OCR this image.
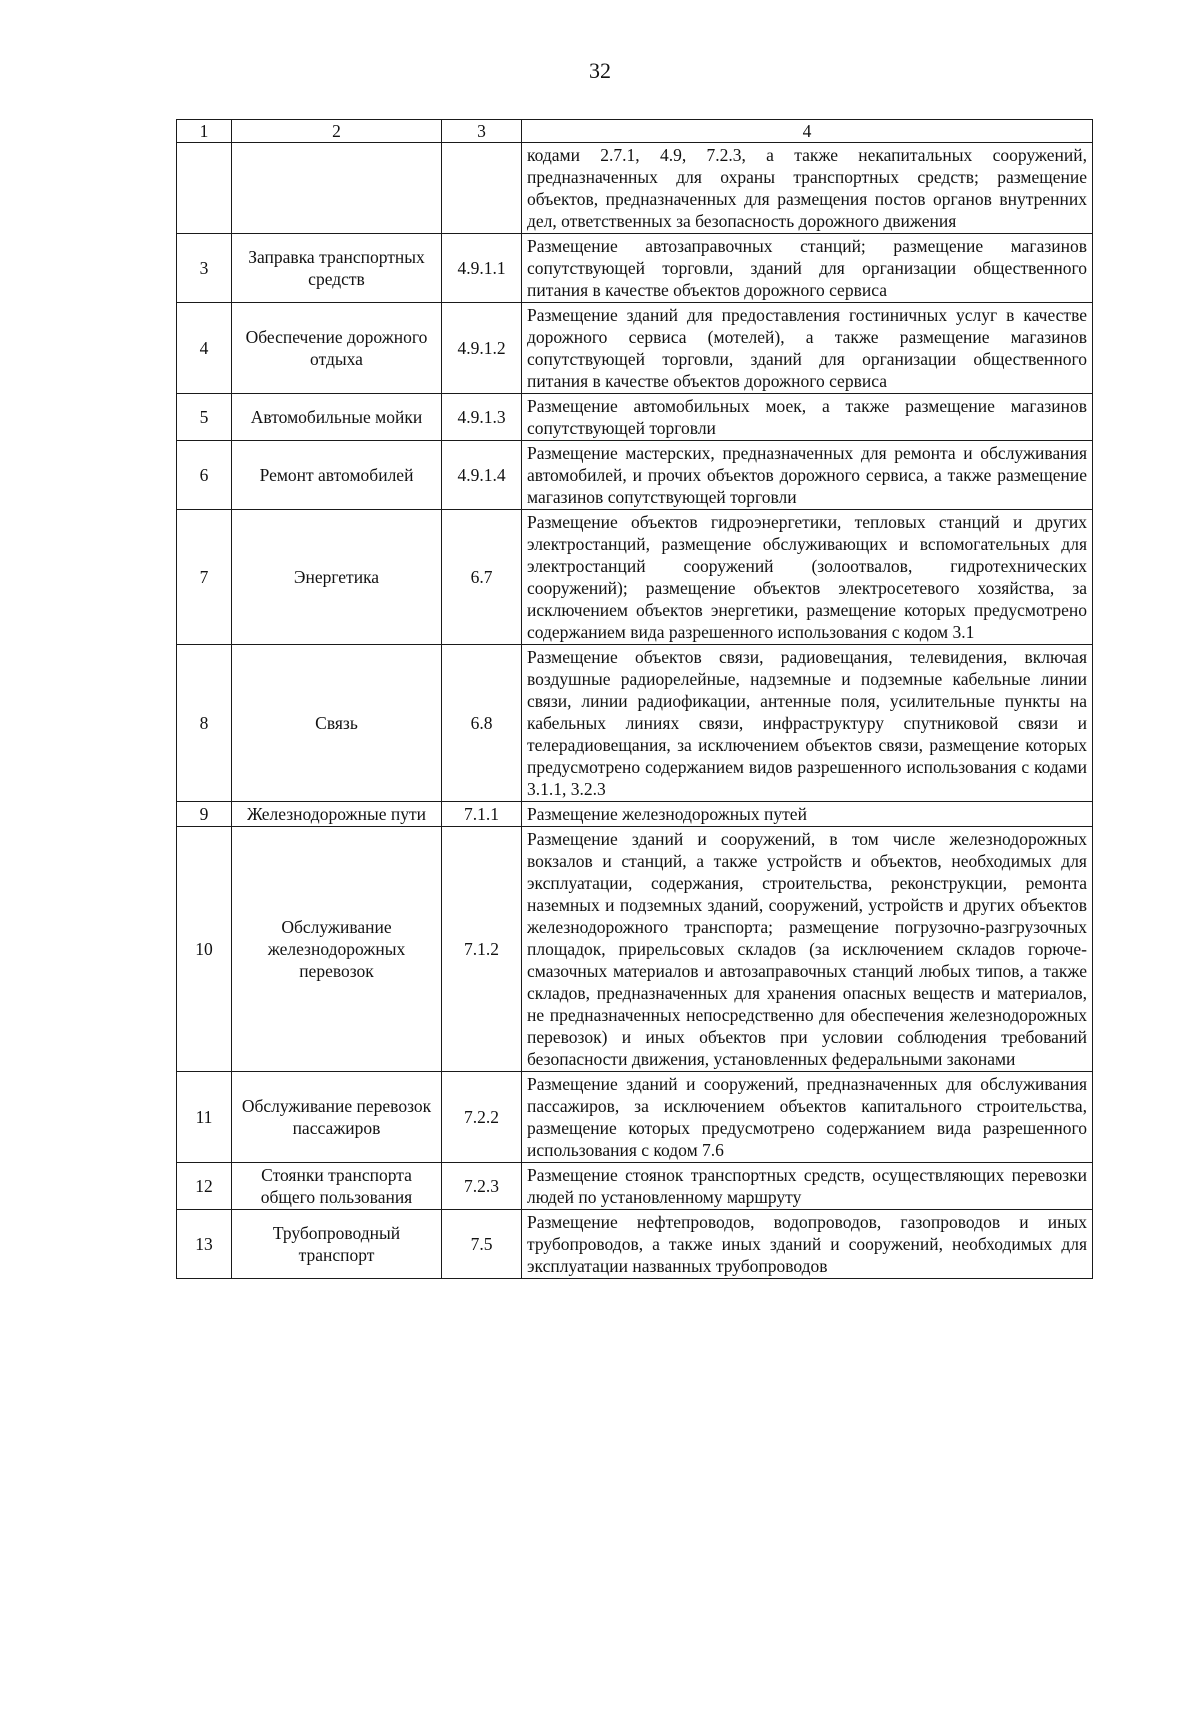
32
1	2	3	4
			кодами 2.7.1, 4.9, 7.2.3, а также некапитальных сооружений, предназначенных для охраны транспортных средств; размещение объектов, предназначенных для размещения постов органов внутренних дел, ответственных за безопасность дорожного движения
3	Заправка транспортных средств	4.9.1.1	Размещение автозаправочных станций; размещение магазинов сопутствующей торговли, зданий для организации общественного питания в качестве объектов дорожного сервиса
4	Обеспечение дорожного отдыха	4.9.1.2	Размещение зданий для предоставления гостиничных услуг в качестве дорожного сервиса (мотелей), а также размещение магазинов сопутствующей торговли, зданий для организации общественного питания в качестве объектов дорожного сервиса
5	Автомобильные мойки	4.9.1.3	Размещение автомобильных моек, а также размещение магазинов сопутствующей торговли
6	Ремонт автомобилей	4.9.1.4	Размещение мастерских, предназначенных для ремонта и обслуживания автомобилей, и прочих объектов дорожного сервиса, а также размещение магазинов сопутствующей торговли
7	Энергетика	6.7	Размещение объектов гидроэнергетики, тепловых станций и других электростанций, размещение обслуживающих и вспомогательных для электростанций сооружений (золоотвалов, гидротехнических сооружений); размещение объектов электросетевого хозяйства, за исключением объектов энергетики, размещение которых предусмотрено содержанием вида разрешенного использования с кодом 3.1
8	Связь	6.8	Размещение объектов связи, радиовещания, телевидения, включая воздушные радиорелейные, надземные и подземные кабельные линии связи, линии радиофикации, антенные поля, усилительные пункты на кабельных линиях связи, инфраструктуру спутниковой связи и телерадиовещания, за исключением объектов связи, размещение которых предусмотрено содержанием видов разрешенного использования с кодами 3.1.1, 3.2.3
9	Железнодорожные пути	7.1.1	Размещение железнодорожных путей
10	Обслуживание железнодорожных перевозок	7.1.2	Размещение зданий и сооружений, в том числе железнодорожных вокзалов и станций, а также устройств и объектов, необходимых для эксплуатации, содержания, строительства, реконструкции, ремонта наземных и подземных зданий, сооружений, устройств и других объектов железнодорожного транспорта; размещение погрузочно-разгрузочных площадок, прирельсовых складов (за исключением складов горюче-смазочных материалов и автозаправочных станций любых типов, а также складов, предназначенных для хранения опасных веществ и материалов, не предназначенных непосредственно для обеспечения железнодорожных перевозок) и иных объектов при условии соблюдения требований безопасности движения, установленных федеральными законами
11	Обслуживание перевозок пассажиров	7.2.2	Размещение зданий и сооружений, предназначенных для обслуживания пассажиров, за исключением объектов капитального строительства, размещение которых предусмотрено содержанием вида разрешенного использования с кодом 7.6
12	Стоянки транспорта общего пользования	7.2.3	Размещение стоянок транспортных средств, осуществляющих перевозки людей по установленному маршруту
13	Трубопроводный транспорт	7.5	Размещение нефтепроводов, водопроводов, газопроводов и иных трубопроводов, а также иных зданий и сооружений, необходимых для эксплуатации названных трубопроводов
